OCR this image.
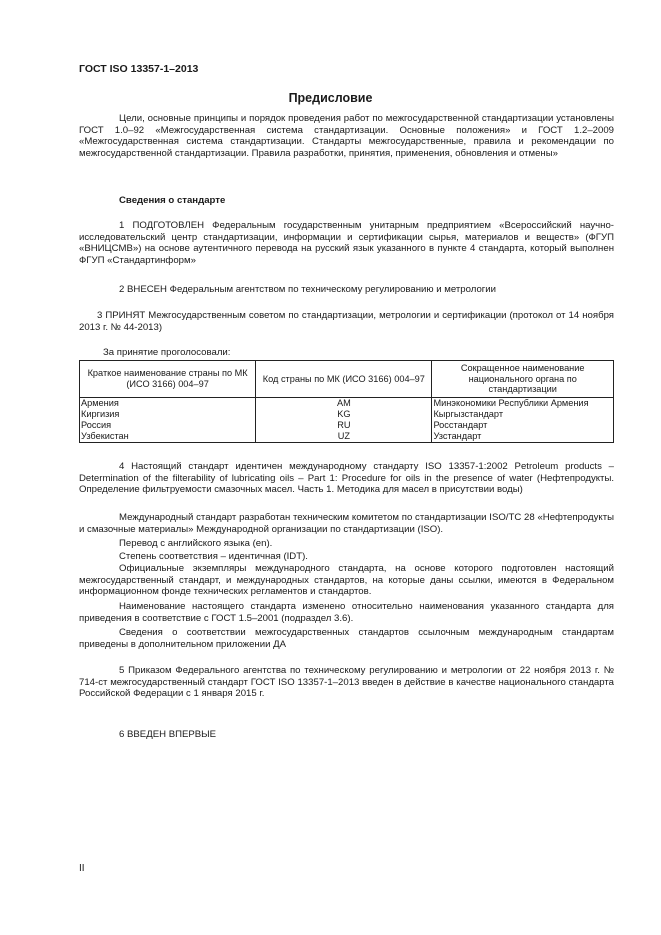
ГОСТ ISO 13357-1–2013
Предисловие
Цели, основные принципы и порядок проведения работ по межгосударственной стандартизации установлены ГОСТ 1.0–92 «Межгосударственная система стандартизации. Основные положения» и ГОСТ 1.2–2009 «Межгосударственная система стандартизации. Стандарты межгосударственные, правила и рекомендации по межгосударственной стандартизации. Правила разработки, принятия, применения, обновления и отмены»
Сведения о стандарте
1 ПОДГОТОВЛЕН Федеральным государственным унитарным предприятием «Всероссийский научно-исследовательский центр стандартизации, информации и сертификации сырья, материалов и веществ» (ФГУП «ВНИЦСМВ») на основе аутентичного перевода на русский язык указанного в пункте 4 стандарта, который выполнен ФГУП «Стандартинформ»
2 ВНЕСЕН Федеральным агентством по техническому регулированию и метрологии
3 ПРИНЯТ Межгосударственным советом по стандартизации, метрологии и сертификации (протокол от 14 ноября 2013 г. № 44-2013)
За принятие проголосовали:
Краткое наименование страны по МК (ИСО 3166) 004–97	Код страны по МК (ИСО 3166) 004–97	Сокращенное наименование национального органа по стандартизации
Армения	AM	Минэкономики Республики Армения
Киргизия	KG	Кыргызстандарт
Россия	RU	Росстандарт
Узбекистан	UZ	Узстандарт
4 Настоящий стандарт идентичен международному стандарту ISO 13357-1:2002 Petroleum products – Determination of the filterability of lubricating oils – Part 1: Procedure for oils in the presence of water (Нефтепродукты. Определение фильтруемости смазочных масел. Часть 1. Методика для масел в присутствии воды)
Международный стандарт разработан техническим комитетом по стандартизации ISO/TC 28 «Нефтепродукты и смазочные материалы» Международной организации по стандартизации (ISO).
Перевод с английского языка (en).
Степень соответствия – идентичная (IDT).
Официальные экземпляры международного стандарта, на основе которого подготовлен настоящий межгосударственный стандарт, и международных стандартов, на которые даны ссылки, имеются в Федеральном информационном фонде технических регламентов и стандартов.
Наименование настоящего стандарта изменено относительно наименования указанного стандарта для приведения в соответствие с ГОСТ 1.5–2001 (подраздел 3.6).
Сведения о соответствии межгосударственных стандартов ссылочным международным стандартам приведены в дополнительном приложении ДА
5 Приказом Федерального агентства по техническому регулированию и метрологии от 22 ноября 2013 г. № 714-ст межгосударственный стандарт ГОСТ ISO 13357-1–2013 введен в действие в качестве национального стандарта Российской Федерации с 1 января 2015 г.
6 ВВЕДЕН ВПЕРВЫЕ
II
